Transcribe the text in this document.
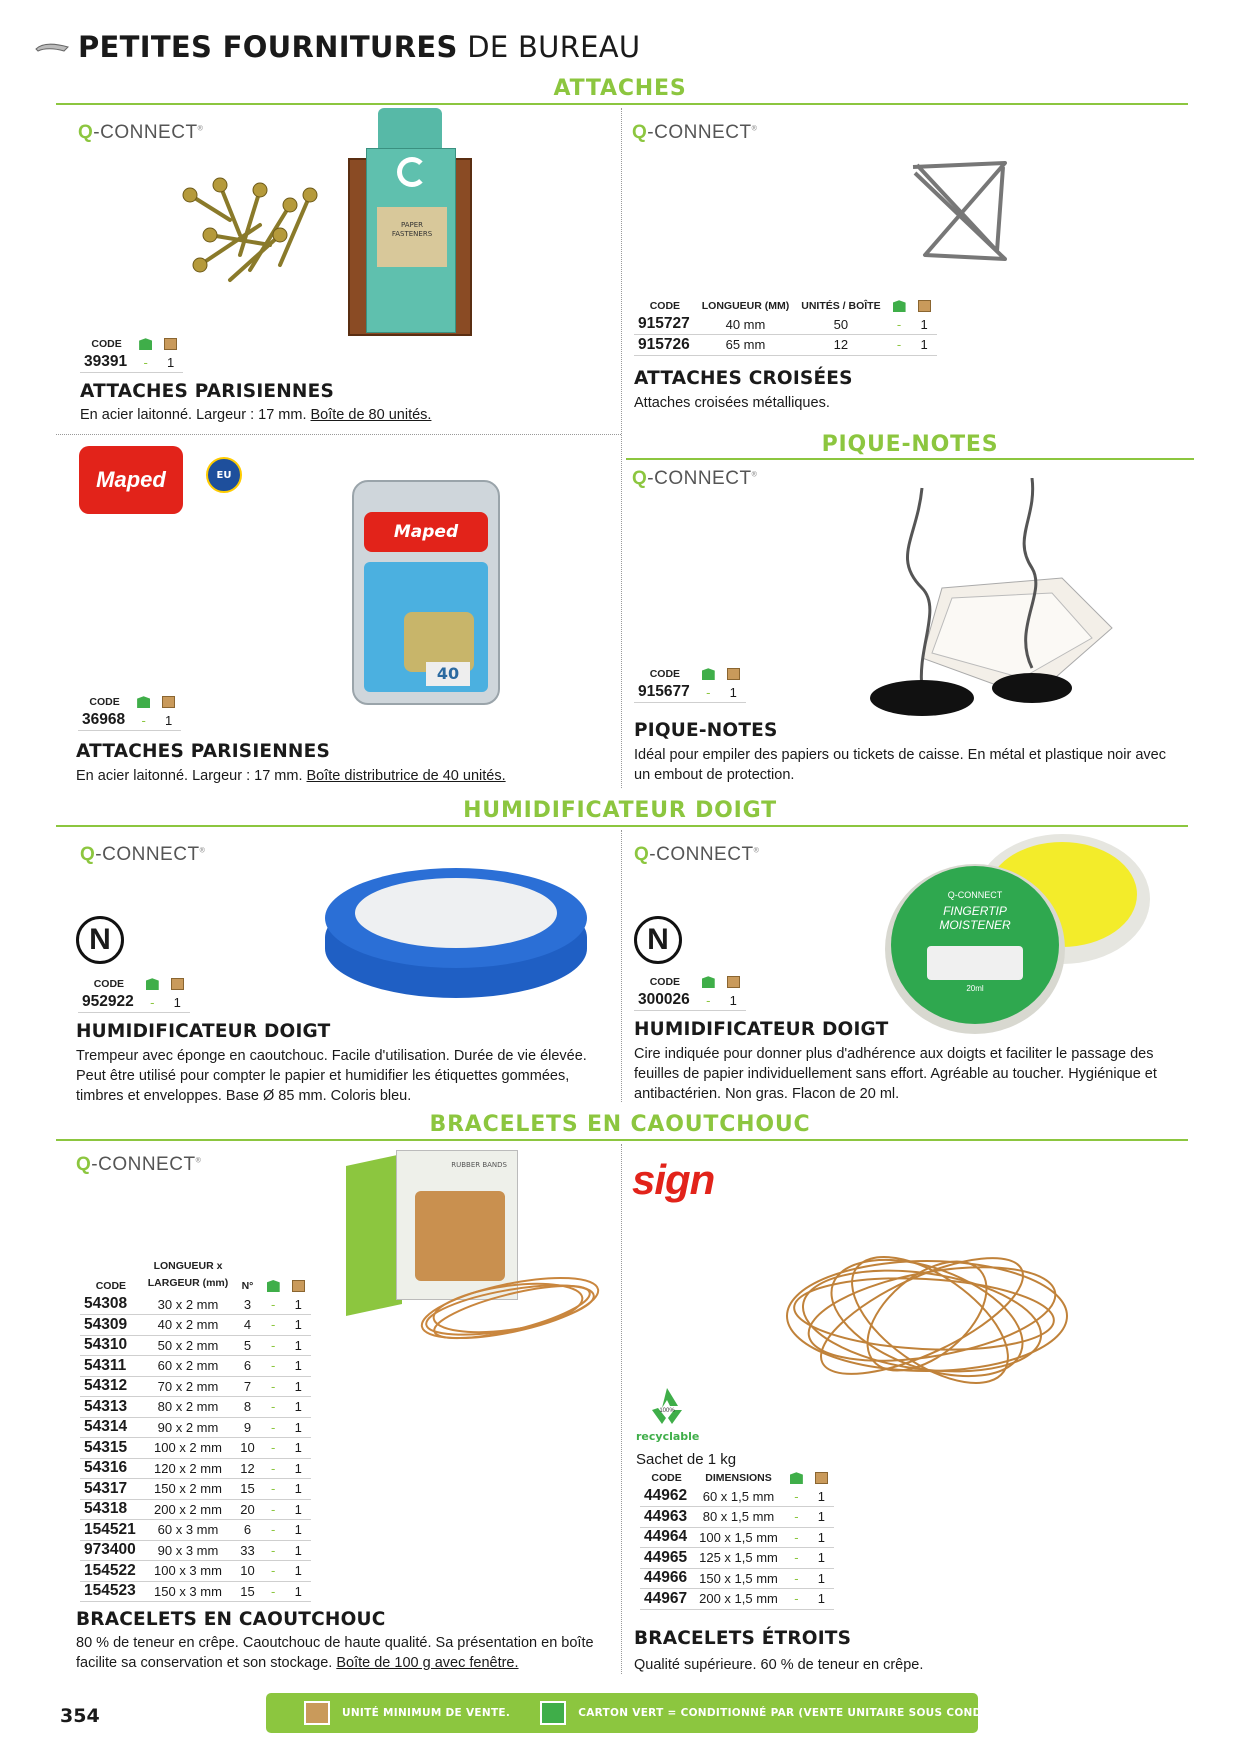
PETITES FOURNITURES DE BUREAU
ATTACHES
Q-CONNECT®
PAPER
FASTENERS
CODE		
39391	-	1
ATTACHES PARISIENNES
En acier laitonné. Largeur : 17 mm. Boîte de 80 unités.
Q-CONNECT®
CODE	LONGUEUR (MM)	UNITÉS / BOÎTE		
915727	40 mm	50	-	1
915726	65 mm	12	-	1
ATTACHES CROISÉES
Attaches croisées métalliques.
PIQUE-NOTES
Maped	EU
Maped
40
CODE		
36968	-	1
ATTACHES PARISIENNES
En acier laitonné. Largeur : 17 mm. Boîte distributrice de 40 unités.
Q-CONNECT®
CODE		
915677	-	1
PIQUE-NOTES
Idéal pour empiler des papiers ou tickets de caisse. En métal et plastique noir avec un embout de protection.
HUMIDIFICATEUR DOIGT
Q-CONNECT®
N
CODE		
952922	-	1
HUMIDIFICATEUR DOIGT
Trempeur avec éponge en caoutchouc. Facile d'utilisation. Durée de vie élevée. Peut être utilisé pour compter le papier et humidifier les étiquettes gommées, timbres et enveloppes. Base Ø 85 mm. Coloris bleu.
Q-CONNECT®
N
Q-CONNECT
FINGERTIP
MOISTENER
20ml
CODE		
300026	-	1
HUMIDIFICATEUR DOIGT
Cire indiquée pour donner plus d'adhérence aux doigts et faciliter le passage des feuilles de papier individuellement sans effort. Agréable au toucher. Hygiénique et antibactérien. Non gras. Flacon de 20 ml.
BRACELETS EN CAOUTCHOUC
Q-CONNECT®	RUBBER BANDS
CODE	LONGUEUR x
LARGEUR (mm)	N°		
54308	30 x 2 mm	3	-	1
54309	40 x 2 mm	4	-	1
54310	50 x 2 mm	5	-	1
54311	60 x 2 mm	6	-	1
54312	70 x 2 mm	7	-	1
54313	80 x 2 mm	8	-	1
54314	90 x 2 mm	9	-	1
54315	100 x 2 mm	10	-	1
54316	120 x 2 mm	12	-	1
54317	150 x 2 mm	15	-	1
54318	200 x 2 mm	20	-	1
154521	60 x 3 mm	6	-	1
973400	90 x 3 mm	33	-	1
154522	100 x 3 mm	10	-	1
154523	150 x 3 mm	15	-	1
BRACELETS EN CAOUTCHOUC
80 % de teneur en crêpe. Caoutchouc de haute qualité. Sa présentation en boîte facilite sa conservation et son stockage. Boîte de 100 g avec fenêtre.
sign
100%
recyclable
Sachet de 1 kg
CODE	DIMENSIONS		
44962	60 x 1,5 mm	-	1
44963	80 x 1,5 mm	-	1
44964	100 x 1,5 mm	-	1
44965	125 x 1,5 mm	-	1
44966	150 x 1,5 mm	-	1
44967	200 x 1,5 mm	-	1
BRACELETS ÉTROITS
Qualité supérieure. 60 % de teneur en crêpe.
354	UNITÉ MINIMUM DE VENTE.	CARTON VERT = CONDITIONNÉ PAR (VENTE UNITAIRE SOUS CONDITION).
